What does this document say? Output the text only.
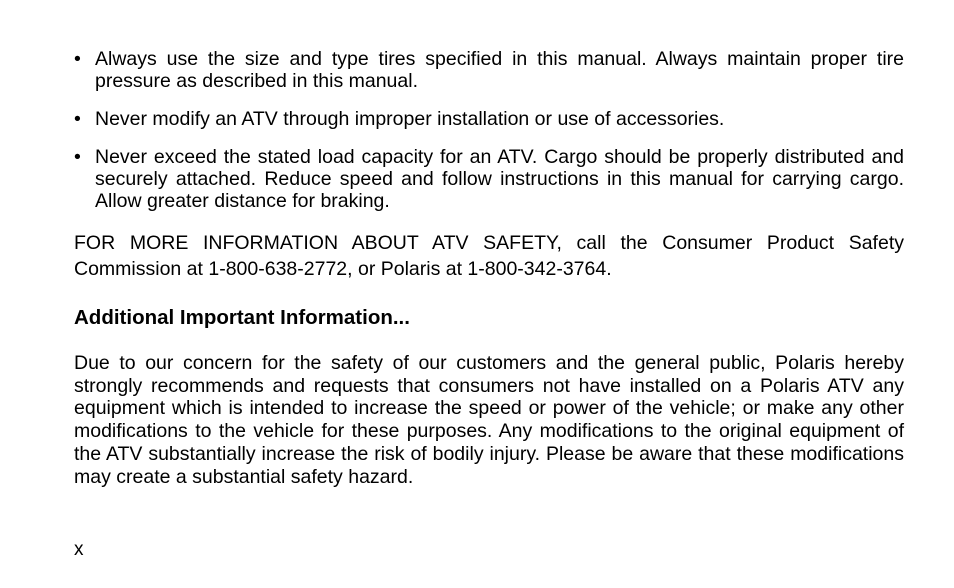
• Always use the size and type tires specified in this manual. Always maintain proper tire pressure as described in this manual.
• Never modify an ATV through improper installation or use of accessories.
• Never exceed the stated load capacity for an ATV. Cargo should be properly distributed and securely attached. Reduce speed and follow instructions in this manual for carrying cargo. Allow greater distance for braking.
FOR MORE INFORMATION ABOUT ATV SAFETY, call the Consumer Product Safety Commission at 1-800-638-2772, or Polaris at 1-800-342-3764.
Additional Important Information...
Due to our concern for the safety of our customers and the general public, Polaris hereby strongly recommends and requests that consumers not have installed on a Polaris ATV any equipment which is intended to increase the speed or power of the vehicle; or make any other modifications to the vehicle for these purposes. Any modifications to the original equipment of the ATV substantially increase the risk of bodily injury. Please be aware that these modifications may create a substantial safety hazard.
x
